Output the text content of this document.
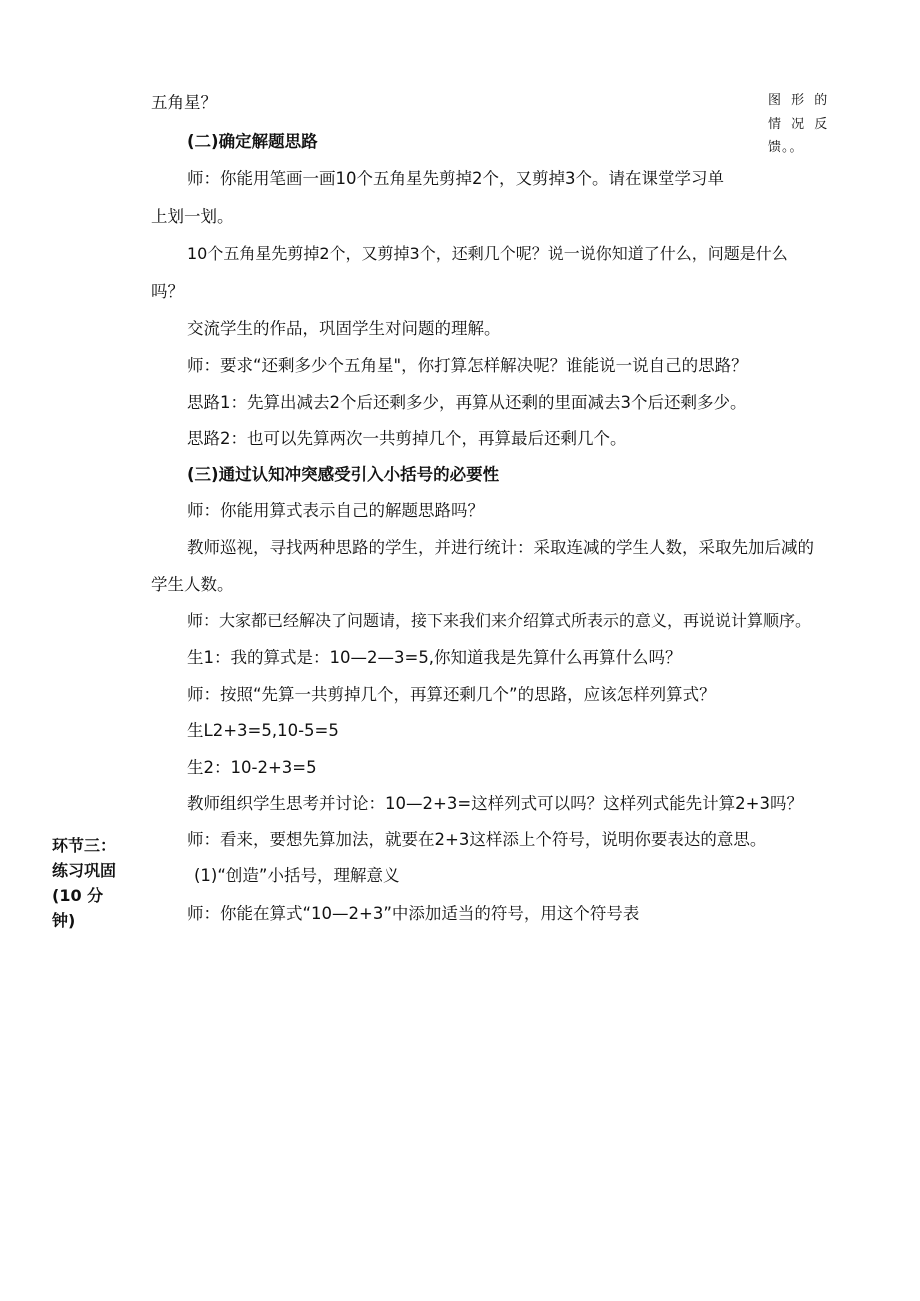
五角星？
(二)确定解题思路
师：你能用笔画一画10个五角星先剪掉2个，又剪掉3个。请在课堂学习单
上划一划。
10个五角星先剪掉2个，又剪掉3个，还剩几个呢？说一说你知道了什么，问题是什么
吗？
交流学生的作品，巩固学生对问题的理解。
师：要求“还剩多少个五角星"，你打算怎样解决呢？谁能说一说自己的思路？
思路1：先算出减去2个后还剩多少，再算从还剩的里面减去3个后还剩多少。
思路2：也可以先算两次一共剪掉几个，再算最后还剩几个。
(三)通过认知冲突感受引入小括号的必要性
师：你能用算式表示自己的解题思路吗？
教师巡视，寻找两种思路的学生，并进行统计：采取连减的学生人数，采取先加后减的
学生人数。
师：大家都已经解决了问题请，接下来我们来介绍算式所表示的意义，再说说计算顺序。
生1：我的算式是：10—2—3=5,你知道我是先算什么再算什么吗？
师：按照“先算一共剪掉几个，再算还剩几个”的思路，应该怎样列算式？
生L2+3=5,10-5=5
生2：10-2+3=5
教师组织学生思考并讨论：10—2+3=这样列式可以吗？这样列式能先计算2+3吗？
师：看来，要想先算加法，就要在2+3这样添上个符号，说明你要表达的意思。
(1)“创造”小括号，理解意义
师：你能在算式“10—2+3”中添加适当的符号，用这个符号表
图 形 的
情 况 反
馈。。
环节三：
练习巩固
(10 分
钟)
